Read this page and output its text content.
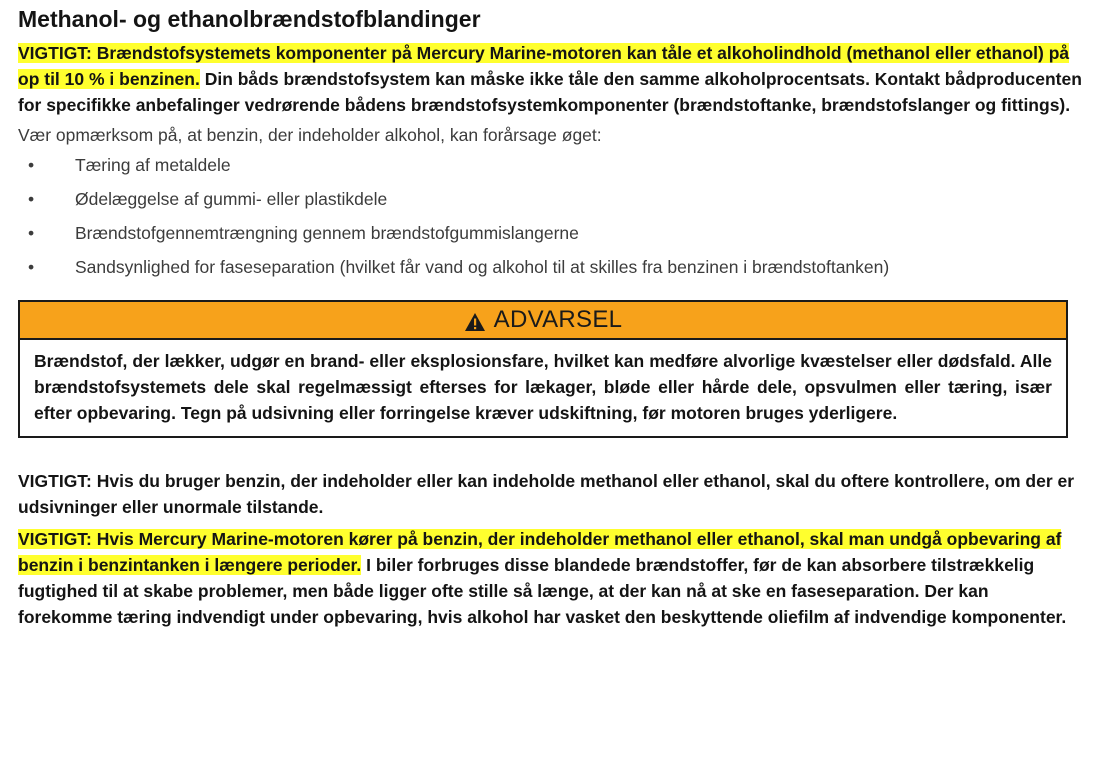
Methanol- og ethanolbrændstofblandinger

VIGTIGT: Brændstofsystemets komponenter på Mercury Marine-motoren kan tåle et alkoholindhold (methanol eller ethanol) på op til 10 % i benzinen. Din båds brændstofsystem kan måske ikke tåle den samme alkoholprocentsats. Kontakt bådproducenten for specifikke anbefalinger vedrørende bådens brændstofsystemkomponenter (brændstoftanke, brændstofslanger og fittings).

Vær opmærksom på, at benzin, der indeholder alkohol, kan forårsage øget:

• Tæring af metaldele
• Ødelæggelse af gummi- eller plastikdele
• Brændstofgennemtrængning gennem brændstofgummislangerne
• Sandsynlighed for faseseparation (hvilket får vand og alkohol til at skilles fra benzinen i brændstoftanken)
ADVARSEL
Brændstof, der lækker, udgør en brand- eller eksplosionsfare, hvilket kan medføre alvorlige kvæstelser eller dødsfald. Alle brændstofsystemets dele skal regelmæssigt efterses for lækager, bløde eller hårde dele, opsvulmen eller tæring, især efter opbevaring. Tegn på udsivning eller forringelse kræver udskiftning, før motoren bruges yderligere.

VIGTIGT: Hvis du bruger benzin, der indeholder eller kan indeholde methanol eller ethanol, skal du oftere kontrollere, om der er udsivninger eller unormale tilstande.

VIGTIGT: Hvis Mercury Marine-motoren kører på benzin, der indeholder methanol eller ethanol, skal man undgå opbevaring af benzin i benzintanken i længere perioder. I biler forbruges disse blandede brændstoffer, før de kan absorbere tilstrækkelig fugtighed til at skabe problemer, men både ligger ofte stille så længe, at der kan nå at ske en faseseparation. Der kan forekomme tæring indvendigt under opbevaring, hvis alkohol har vasket den beskyttende oliefilm af indvendige komponenter.
